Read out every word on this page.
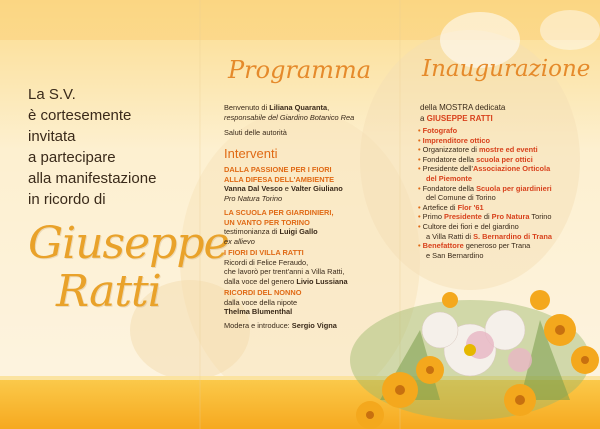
La S.V.
è cortesemente
invitata
a partecipare
alla manifestazione
in ricordo di
Giuseppe
Ratti
Programma
Benvenuto di Liliana Quaranta,
responsabile del Giardino Botanico Rea
Saluti delle autorità
Interventi
DALLA PASSIONE PER I FIORI
ALLA DIFESA DELL'AMBIENTE
Vanna Dal Vesco e Valter Giuliano
Pro Natura Torino
LA SCUOLA PER GIARDINIERI,
UN VANTO PER TORINO
testimonianza di Luigi Gallo
ex allievo
I FIORI DI VILLA RATTI
Ricordi di Felice Feraudo,
che lavorò per trent'anni a Villa Ratti,
dalla voce del genero Livio Lussiana
RICORDI DEL NONNO
dalla voce della nipote
Thelma Blumenthal
Modera e introduce: Sergio Vigna
Inaugurazione
della MOSTRA dedicata
a GIUSEPPE RATTI
• Fotografo
• Imprenditore ottico
• Organizzatore di mostre ed eventi
• Fondatore della scuola per ottici
• Presidente dell'Associazione Orticola
del Piemonte
• Fondatore della Scuola per giardinieri
del Comune di Torino
• Artefice di Flor '61
• Primo Presidente di Pro Natura Torino
• Cultore dei fiori e del giardino
a Villa Ratti di S. Bernardino di Trana
• Benefattore generoso per Trana
e San Bernardino
